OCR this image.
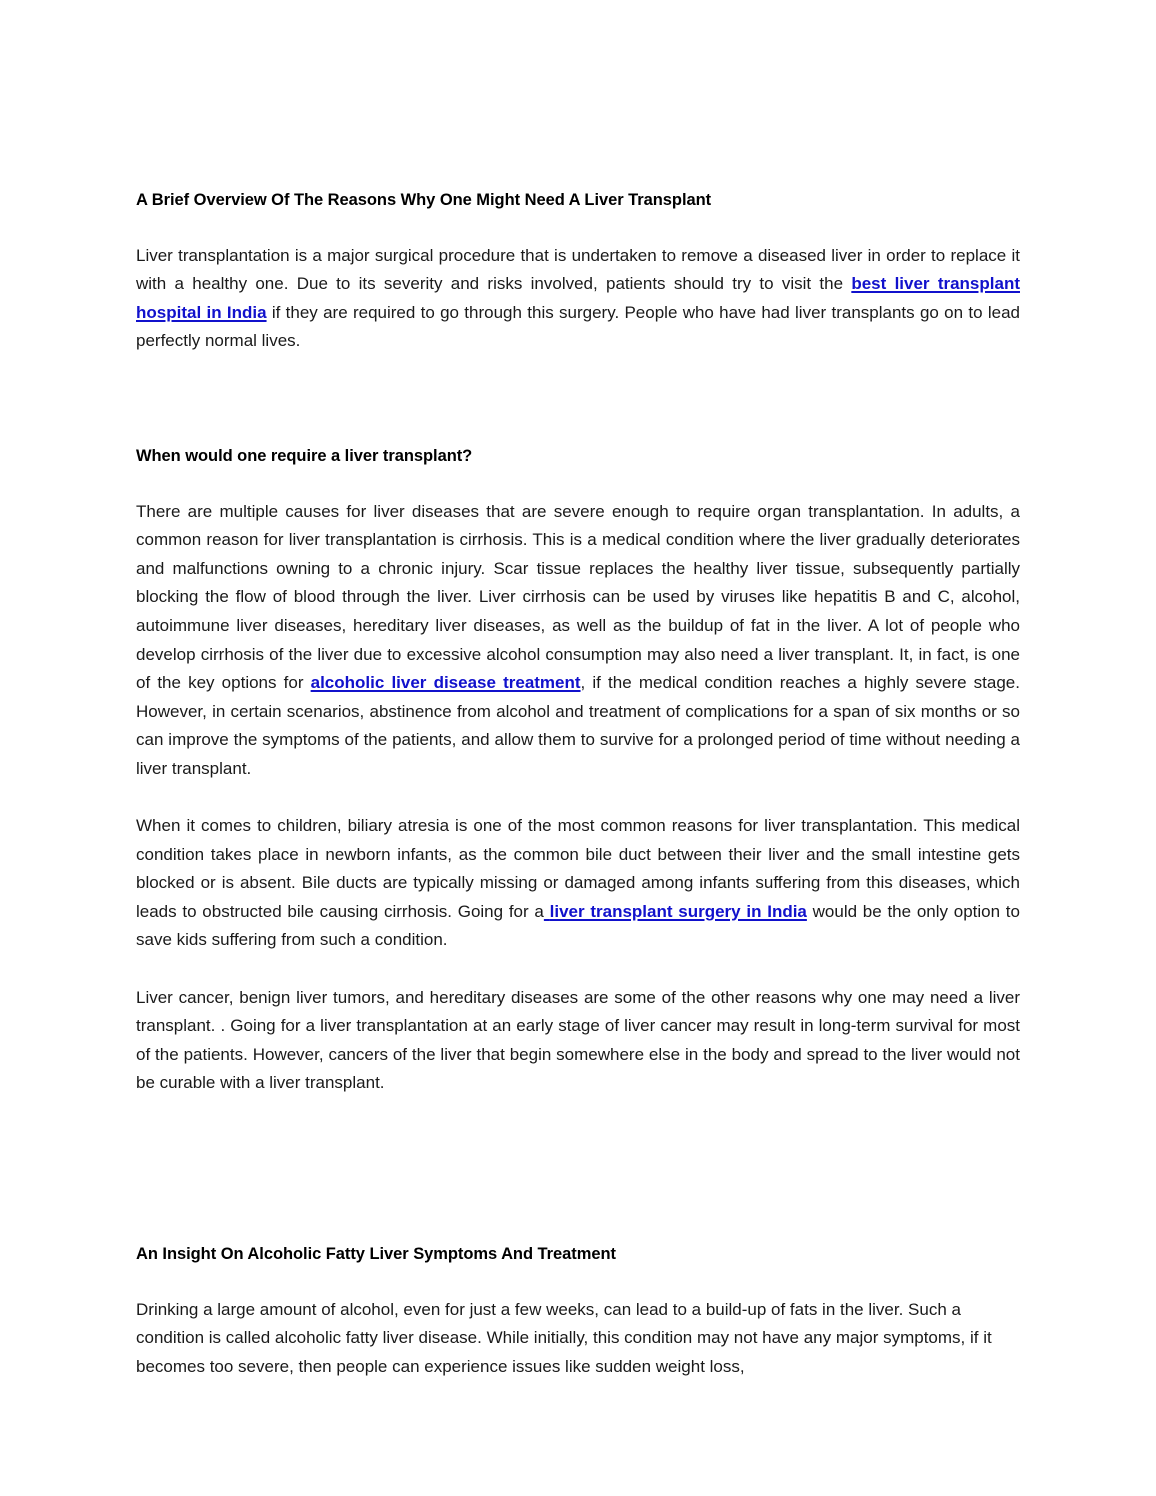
A Brief Overview Of The Reasons Why One Might Need A Liver Transplant

Liver transplantation is a major surgical procedure that is undertaken to remove a diseased liver in order to replace it with a healthy one. Due to its severity and risks involved, patients should try to visit the best liver transplant hospital in India if they are required to go through this surgery. People who have had liver transplants go on to lead perfectly normal lives.

When would one require a liver transplant?

There are multiple causes for liver diseases that are severe enough to require organ transplantation. In adults, a common reason for liver transplantation is cirrhosis. This is a medical condition where the liver gradually deteriorates and malfunctions owning to a chronic injury. Scar tissue replaces the healthy liver tissue, subsequently partially blocking the flow of blood through the liver. Liver cirrhosis can be used by viruses like hepatitis B and C, alcohol, autoimmune liver diseases, hereditary liver diseases, as well as the buildup of fat in the liver. A lot of people who develop cirrhosis of the liver due to excessive alcohol consumption may also need a liver transplant. It, in fact, is one of the key options for alcoholic liver disease treatment, if the medical condition reaches a highly severe stage. However, in certain scenarios, abstinence from alcohol and treatment of complications for a span of six months or so can improve the symptoms of the patients, and allow them to survive for a prolonged period of time without needing a liver transplant.

When it comes to children, biliary atresia is one of the most common reasons for liver transplantation. This medical condition takes place in newborn infants, as the common bile duct between their liver and the small intestine gets blocked or is absent. Bile ducts are typically missing or damaged among infants suffering from this diseases, which leads to obstructed bile causing cirrhosis. Going for a liver transplant surgery in India would be the only option to save kids suffering from such a condition.

Liver cancer, benign liver tumors, and hereditary diseases are some of the other reasons why one may need a liver transplant. . Going for a liver transplantation at an early stage of liver cancer may result in long-term survival for most of the patients. However, cancers of the liver that begin somewhere else in the body and spread to the liver would not be curable with a liver transplant.

An Insight On Alcoholic Fatty Liver Symptoms And Treatment

Drinking a large amount of alcohol, even for just a few weeks, can lead to a build-up of fats in the liver. Such a condition is called alcoholic fatty liver disease. While initially, this condition may not have any major symptoms, if it becomes too severe, then people can experience issues like sudden weight loss,
